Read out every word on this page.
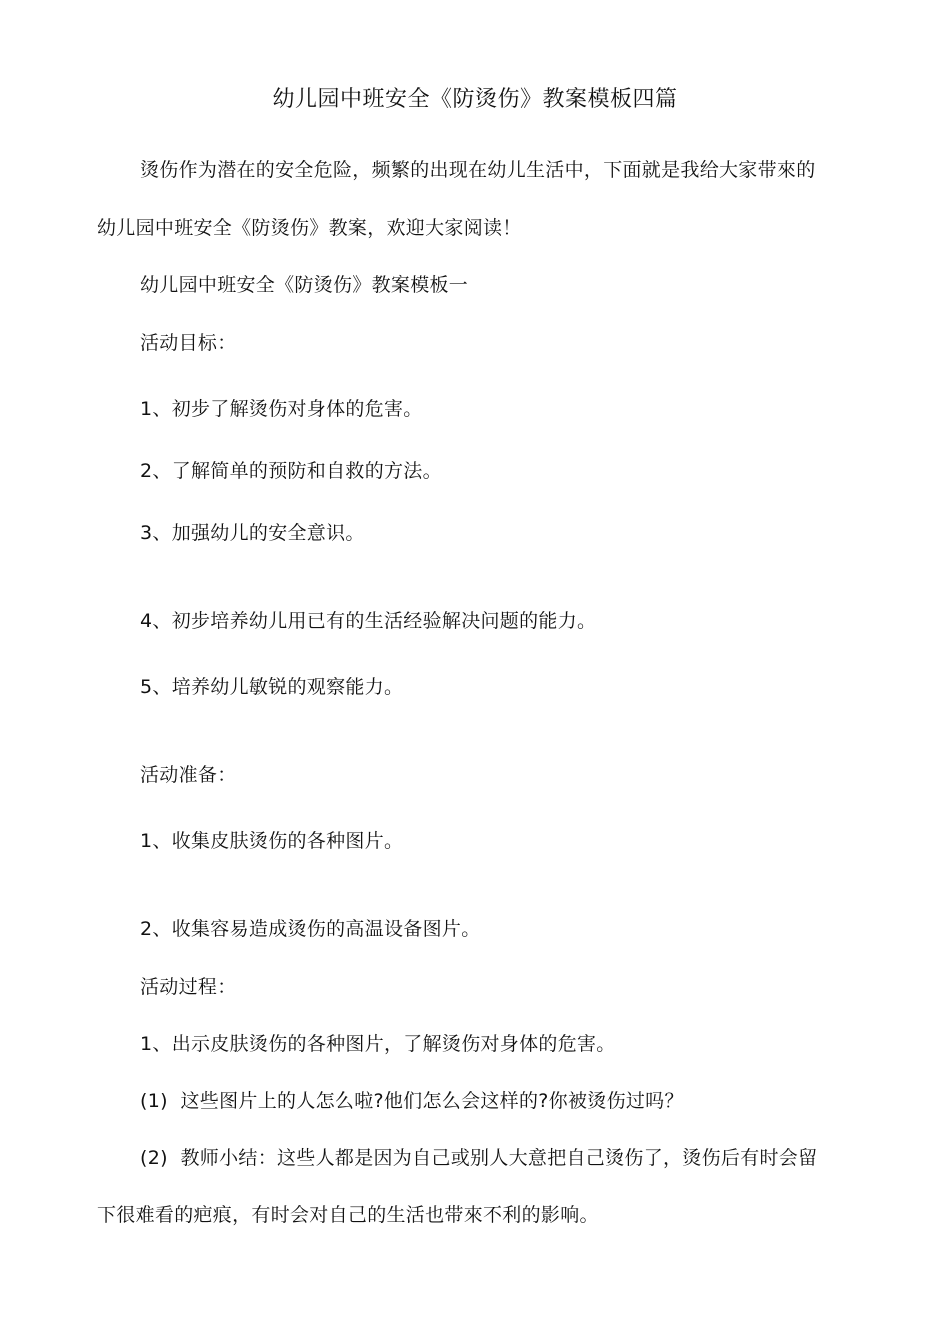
幼儿园中班安全《防烫伤》教案模板四篇
烫伤作为潜在的安全危险，频繁的出现在幼儿生活中，下面就是我给大家带來的
幼儿园中班安全《防烫伤》教案，欢迎大家阅读！
幼儿园中班安全《防烫伤》教案模板一
活动目标：
1、初步了解烫伤对身体的危害。
2、了解简单的预防和自救的方法。
3、加强幼儿的安全意识。
4、初步培养幼儿用已有的生活经验解决问题的能力。
5、培养幼儿敏锐的观察能力。
活动准备：
1、收集皮肤烫伤的各种图片。
2、收集容易造成烫伤的高温设备图片。
活动过程：
1、出示皮肤烫伤的各种图片，了解烫伤对身体的危害。
(1)  这些图片上的人怎么啦?他们怎么会这样的?你被烫伤过吗？
(2)  教师小结：这些人都是因为自己或别人大意把自己烫伤了，烫伤后有时会留
下很难看的疤痕，有时会对自己的生活也带來不利的影响。
